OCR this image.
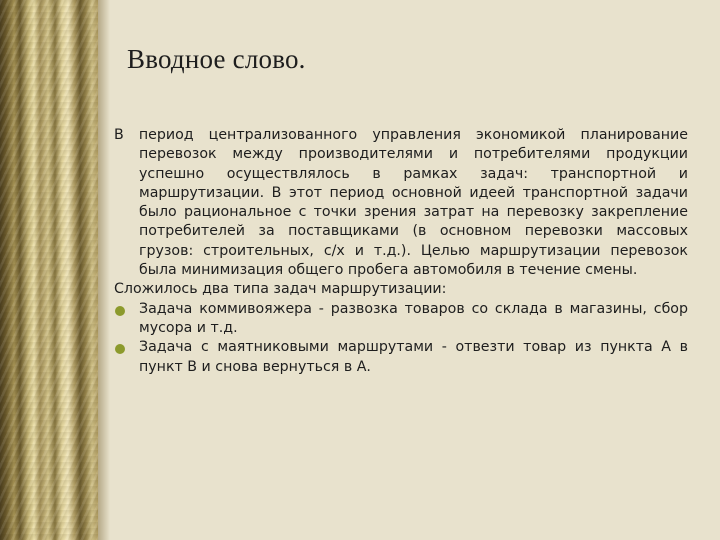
Вводное слово.

В период централизованного управления экономикой планирование перевозок между производителями и потребителями продукции успешно осуществлялось в рамках задач: транспортной и маршрутизации. В этот период основной идеей транспортной задачи было рациональное с точки зрения затрат на перевозку закрепление потребителей за поставщиками (в основном перевозки массовых грузов: строительных, с/х и т.д.). Целью маршрутизации перевозок была минимизация общего пробега автомобиля в течение смены.

Сложилось два типа задач маршрутизации:

Задача коммивояжера - развозка товаров со склада в магазины, сбор мусора и т.д.
Задача с маятниковыми маршрутами - отвезти товар из пункта А в пункт В и снова вернуться в А.
